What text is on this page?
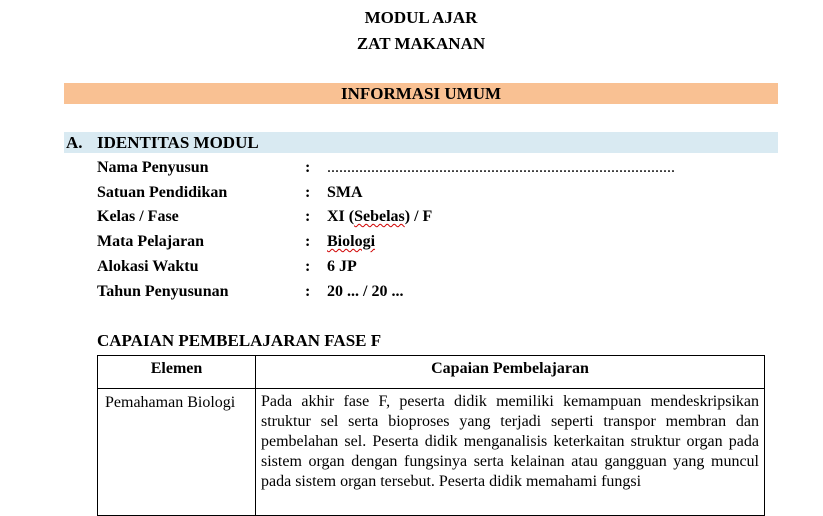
MODUL AJAR
ZAT MAKANAN
INFORMASI UMUM
A. IDENTITAS MODUL
Nama Penyusun	: .......................................................................................
Satuan Pendidikan	: SMA
Kelas / Fase	: XI (Sebelas) / F
Mata Pelajaran	: Biologi
Alokasi Waktu	: 6 JP
Tahun Penyusunan	: 20 ... / 20 ...
CAPAIAN PEMBELAJARAN FASE F
Elemen	Capaian Pembelajaran
Pemahaman Biologi	Pada akhir fase F, peserta didik memiliki kemampuan mendeskripsikan struktur sel serta bioproses yang terjadi seperti transpor membran dan pembelahan sel. Peserta didik menganalisis keterkaitan struktur organ pada sistem organ dengan fungsinya serta kelainan atau gangguan yang muncul pada sistem organ tersebut. Peserta didik memahami fungsi
